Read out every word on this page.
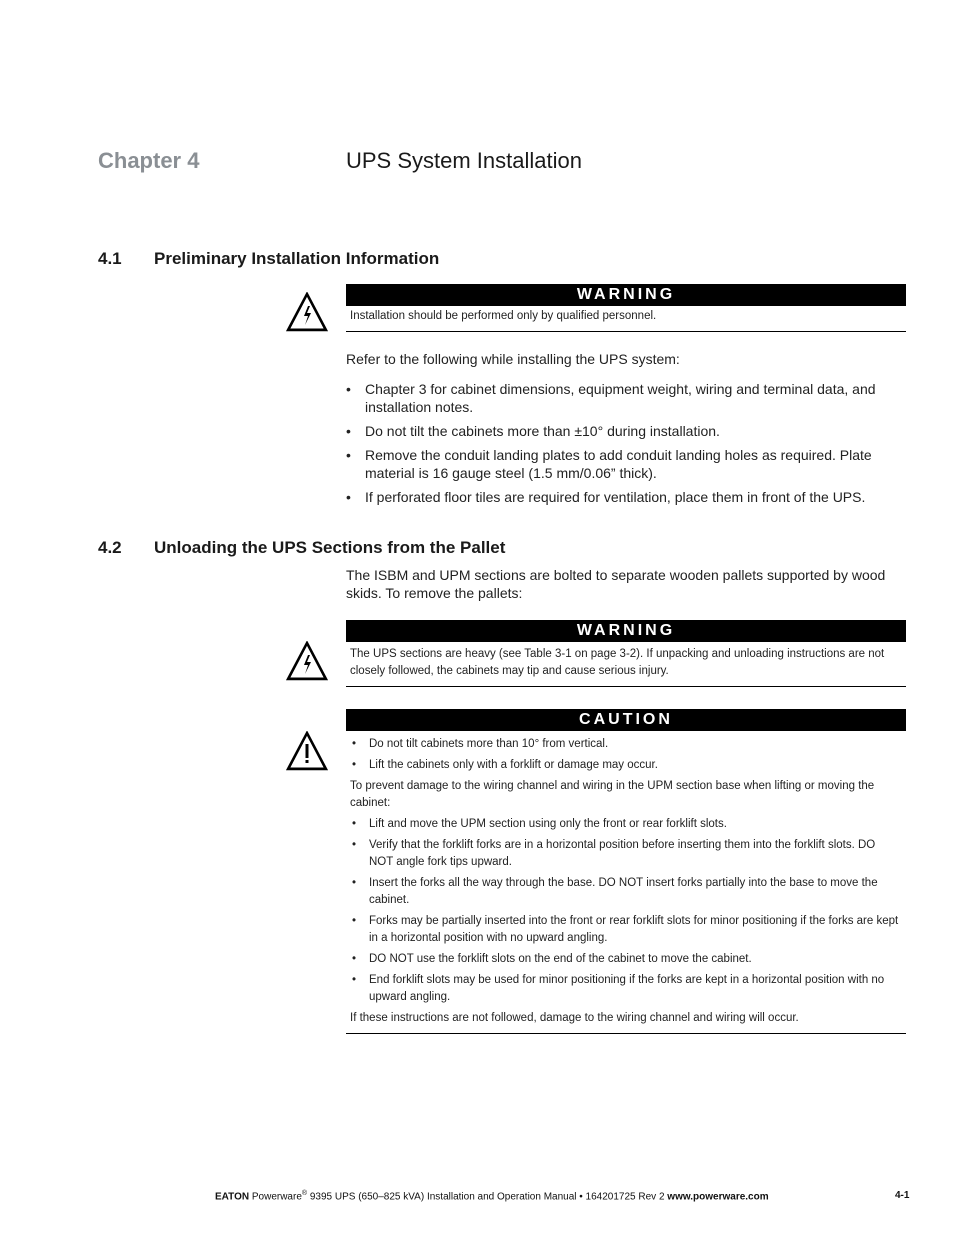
Chapter 4	UPS System Installation
4.1 Preliminary Installation Information
WARNING

Installation should be performed only by qualified personnel.

Refer to the following while installing the UPS system:
• Chapter 3 for cabinet dimensions, equipment weight, wiring and terminal data, and installation notes.
• Do not tilt the cabinets more than ±10° during installation.
• Remove the conduit landing plates to add conduit landing holes as required. Plate material is 16 gauge steel (1.5 mm/0.06” thick).
• If perforated floor tiles are required for ventilation, place them in front of the UPS.
4.2 Unloading the UPS Sections from the Pallet
The ISBM and UPM sections are bolted to separate wooden pallets supported by wood skids. To remove the pallets:
WARNING

The UPS sections are heavy (see Table 3-1 on page 3-2). If unpacking and unloading instructions are not closely followed, the cabinets may tip and cause serious injury.

CAUTION
• Do not tilt cabinets more than 10° from vertical.
• Lift the cabinets only with a forklift or damage may occur.

To prevent damage to the wiring channel and wiring in the UPM section base when lifting or moving the cabinet:

• Lift and move the UPM section using only the front or rear forklift slots.
• Verify that the forklift forks are in a horizontal position before inserting them into the forklift slots. DO NOT angle fork tips upward.
• Insert the forks all the way through the base. DO NOT insert forks partially into the base to move the cabinet.
• Forks may be partially inserted into the front or rear forklift slots for minor positioning if the forks are kept in a horizontal position with no upward angling.
• DO NOT use the forklift slots on the end of the cabinet to move the cabinet.
• End forklift slots may be used for minor positioning if the forks are kept in a horizontal position with no upward angling.

If these instructions are not followed, damage to the wiring channel and wiring will occur.

EATON Powerware® 9395 UPS (650–825 kVA) Installation and Operation Manual • 164201725 Rev 2 www.powerware.com	4-1
